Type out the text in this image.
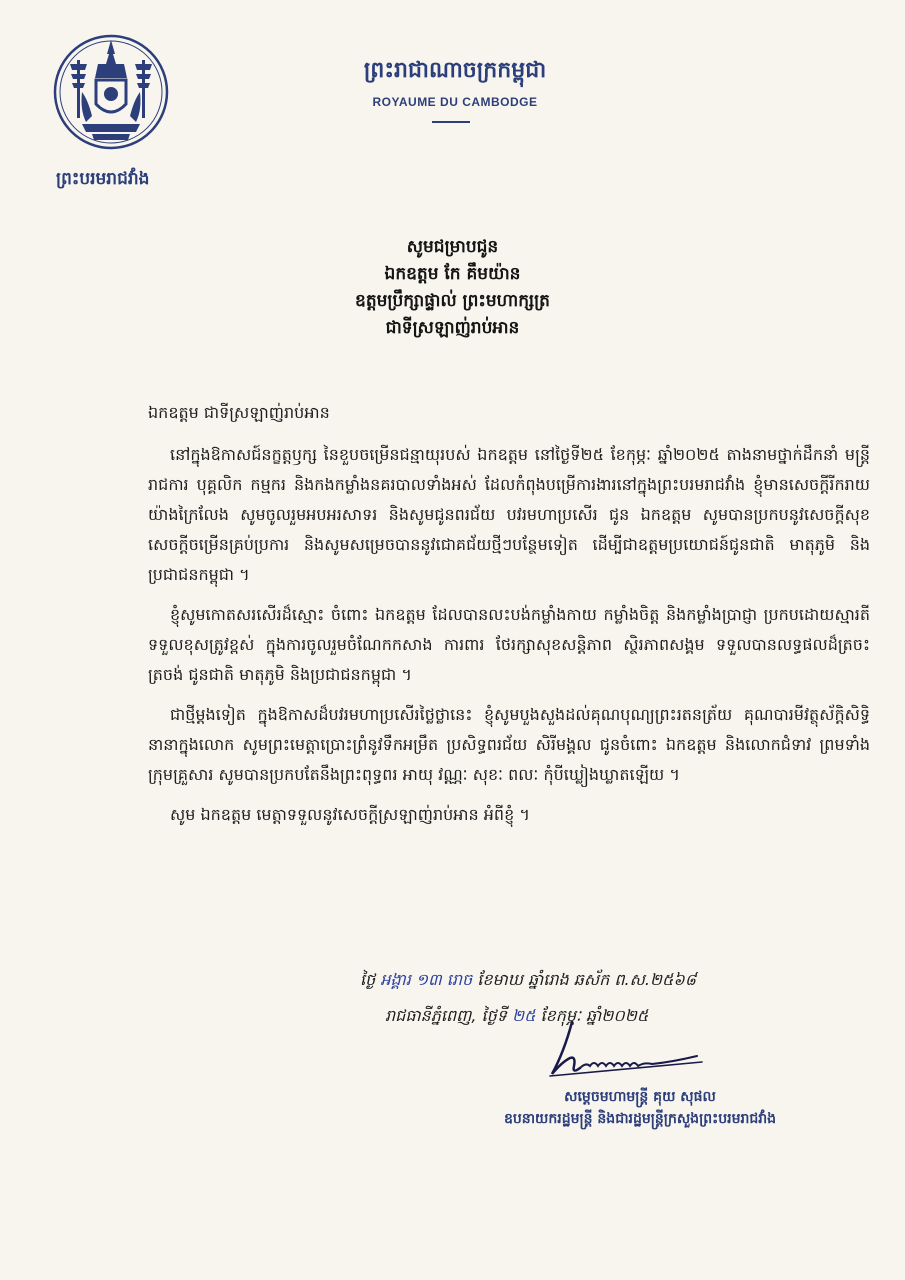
ព្រះបរមរាជវាំង
ព្រះរាជាណាចក្រកម្ពុជា
ROYAUME DU CAMBODGE
សូមជម្រាបជូន
ឯកឧត្តម កែ គឹមយ៉ាន
ឧត្តមប្រឹក្សាផ្ទាល់ ព្រះមហាក្សត្រ
ជាទីស្រឡាញ់រាប់អាន
ឯកឧត្តម ជាទីស្រឡាញ់រាប់អាន
នៅក្នុងឱកាសជ៍នក្ខត្តឫក្ស នៃខួបចម្រើនជន្មាយុរបស់ ឯកឧត្តម នៅថ្ងៃទី២៥ ខែកុម្ភៈ ឆ្នាំ២០២៥ តាងនាមថ្នាក់ដឹកនាំ មន្ត្រីរាជការ បុគ្គលិក កម្មករ និងកងកម្លាំងនគរបាលទាំងអស់ ដែលកំពុងបម្រើការងារនៅក្នុងព្រះបរមរាជវាំង ខ្ញុំមានសេចក្តីរីករាយយ៉ាងក្រៃលែង សូមចូលរួមអបអរសាទរ និងសូមជូនពរជ័យ បវរមហាប្រសើរ ជូន ឯកឧត្តម សូមបានប្រកបនូវសេចក្តីសុខ សេចក្តីចម្រើនគ្រប់ប្រការ និងសូមសម្រេចបាននូវជោគជ័យថ្មីៗបន្ថែមទៀត ដើម្បីជាឧត្តមប្រយោជន៍ជូនជាតិ មាតុភូមិ និងប្រជាជនកម្ពុជា ។
ខ្ញុំសូមកោតសរសើរដ៏ស្មោះ ចំពោះ ឯកឧត្តម ដែលបានលះបង់កម្លាំងកាយ កម្លាំងចិត្ត និងកម្លាំងប្រាជ្ញា ប្រកបដោយស្មារតីទទួលខុសត្រូវខ្ពស់ ក្នុងការចូលរួមចំណែកកសាង ការពារ ថែរក្សាសុខសន្តិភាព ស្ថិរភាពសង្គម ទទួលបានលទ្ធផលដ៏ត្រចះត្រចង់ ជូនជាតិ មាតុភូមិ និងប្រជាជនកម្ពុជា ។
ជាថ្មីម្តងទៀត ក្នុងឱកាសដ៏បវរមហាប្រសើរថ្លៃថ្លានេះ ខ្ញុំសូមបួងសួងដល់គុណបុណ្យព្រះរតនត្រ័យ គុណបារមីវត្ថុស័ក្តិសិទ្ធិនានាក្នុងលោក សូមព្រះមេត្តាប្រោះព្រំនូវទឹកអម្រឹត ប្រសិទ្ធពរជ័យ សិរីមង្គល ជូនចំពោះ ឯកឧត្តម និងលោកជំទាវ ព្រមទាំងក្រុមគ្រួសារ សូមបានប្រកបតែនឹងព្រះពុទ្ធពរ អាយុ វណ្ណៈ សុខៈ ពលៈ កុំបីឃ្លៀងឃ្លាតឡើយ ។
សូម ឯកឧត្តម មេត្តាទទួលនូវសេចក្តីស្រឡាញ់រាប់អាន អំពីខ្ញុំ ។
ថ្ងៃ អង្គារ ១៣ រោច ខែមាឃ ឆ្នាំរោង ឆស័ក ព.ស.២៥៦៨
រាជធានីភ្នំពេញ, ថ្ងៃទី ២៥ ខែកុម្ភៈ ឆ្នាំ២០២៥
សម្តេចមហាមន្ត្រី គុយ សុផល
ឧបនាយករដ្ឋមន្ត្រី និងជារដ្ឋមន្ត្រីក្រសួងព្រះបរមរាជវាំង
